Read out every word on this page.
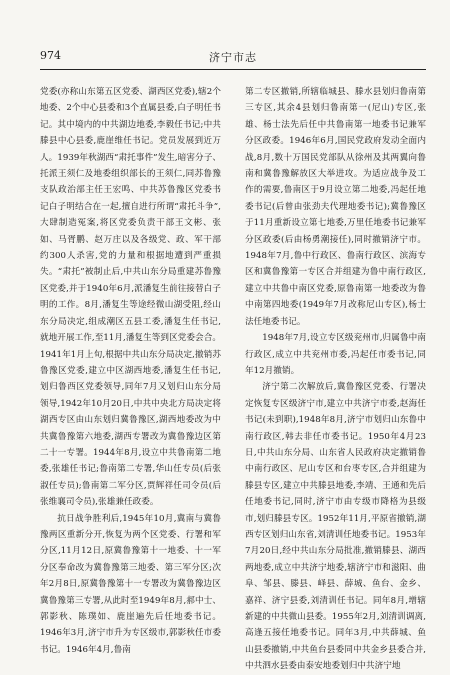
974	济宁市志

党委(亦称山东第五区党委、湖西区党委),辖2个地委、2个中心县委和3个直属县委,白子明任书记。其中境内的中共湖边地委,李毅任书记;中共滕县中心县委,鹿崖维任书记。党员发展到近万人。1939年秋湖西“肃托事件”发生,暗害分子、托派王须仁及地委组织部长的王须仁,同苏鲁豫支队政治部主任王宏鸣、中共苏鲁豫区党委书记白子明结合在一起,擅自进行所谓“肃托斗争”,大肆制造冤案,将区党委负责干部王文彬、张如、马胥鹏、赵万庄以及各级党、政、军干部约300人杀害,党的力量和根据地遭到严重损失。“肃托”被制止后,中共山东分局重建苏鲁豫区党委,并于1940年6月,派潘复生前往接替白子明的工作。8月,潘复生等途经微山湖受阻,经山东分局决定,组成潮区五县工委,潘复生任书记,就地开展工作,至11月,潘复生等到区党委会合。1941年1月上旬,根据中共山东分局决定,撤销苏鲁豫区党委,建立中区湖西地委,潘复生任书记,划归鲁西区党委领导,同年7月又划归山东分局领导,1942年10月20日,中共中央北方局决定将湖西专区由山东划归冀鲁豫区,湖西地委改为中共冀鲁豫第六地委,湖西专署改为冀鲁豫边区第二十一专署。1944年8月,设立中共鲁南第二地委,张雄任书记;鲁南第二专署,华山任专员(后张淑任专员);鲁南第二军分区,贾辉祥任司令员(后张维襄司令员),张雄兼任政委。

抗日战争胜利后,1945年10月,冀南与冀鲁豫两区重新分开,恢复为两个区党委、行署和军分区,11月12日,原冀鲁豫第十一地委、十一军分区奉命改为冀鲁豫第三地委、第三军分区;次年2月8日,原冀鲁豫第十一专署改为冀鲁豫边区冀鲁豫第三专署,从此时至1949年8月,郝中士、郭影秋、陈璞如、鹿崖遍先后任地委书记。1946年3月,济宁市升为专区级市,郭影秋任市委书记。1946年4月,鲁南

第二专区撤销,所辖临城县、滕水县划归鲁南第三专区,其余4县划归鲁南第一(尼山)专区,张雄、杨士法先后任中共鲁南第一地委书记兼军分区政委。1946年6月,国民党政府发动全面内战,8月,数十万国民党部队从徐州及其两翼向鲁南和冀鲁豫解放区大举进攻。为适应战争及工作的需要,鲁南区于9月设立第二地委,冯起任地委书记(后曾由张劲夫代理地委书记);冀鲁豫区于11月重新设立第七地委,万里任地委书记兼军分区政委(后由杨勇潮接任),同时撤销济宁市。1948年7月,鲁中行政区、鲁南行政区、滨海专区和冀鲁豫第一专区合并组建为鲁中南行政区,建立中共鲁中南区党委,原鲁南第一地委改为鲁中南第四地委(1949年7月改称尼山专区),杨士法任地委书记。

1948年7月,设立专区级兖州市,归属鲁中南行政区,成立中共兖州市委,冯起任市委书记,同年12月撤销。

济宁第二次解放后,冀鲁豫区党委、行署决定恢复专区级济宁市,建立中共济宁市委,赵海任书记(未到职),1948年8月,济宁市划归山东鲁中南行政区,韩去非任市委书记。1950年4月23日,中共山东分局、山东省人民政府决定撤销鲁中南行政区、尼山专区和台枣专区,合并组建为滕县专区,建立中共滕县地委,李靖、王通和先后任地委书记,同时,济宁市由专级市降格为县级市,划归滕县专区。1952年11月,平原省撤销,湖西专区划归山东省,刘清训任地委书记。1953年7月20日,经中共山东分局批准,撤销滕县、湖西两地委,成立中共济宁地委,辖济宁市和滋阳、曲阜、邹县、滕县、峄县、薛城、鱼台、金乡、嘉祥、济宁县委,刘清训任书记。同年8月,增辖新建的中共微山县委。1955年2月,刘清训调离,高逢五接任地委书记。同年3月,中共薛城、鱼山县委撤销,中共鱼台县委同中共金乡县委合并,中共泗水县委由泰安地委划归中共济宁地
